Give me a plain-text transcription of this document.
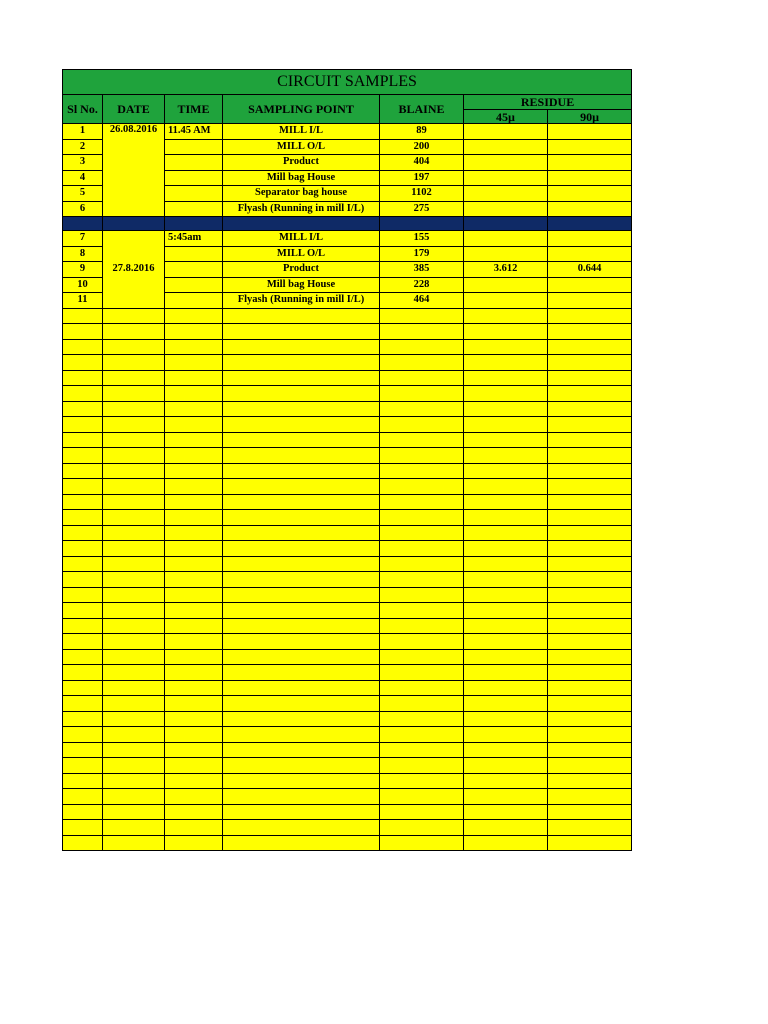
CIRCUIT SAMPLES						
Sl No.	DATE	TIME	SAMPLING POINT	BLAINE	RESIDUE	
					45µ	90µ
1	26.08.2016	11.45 AM	MILL I/L	89		
2			MILL O/L	200		
3			Product	404		
4			Mill bag House	197		
5			Separator bag house	1102		
6			Flyash (Running in mill I/L)	275		

7	27.8.2016	5:45am	MILL I/L	155		
8			MILL O/L	179		
9			Product	385	3.612	0.644
10			Mill bag House	228		
11			Flyash (Running in mill I/L)	464		
